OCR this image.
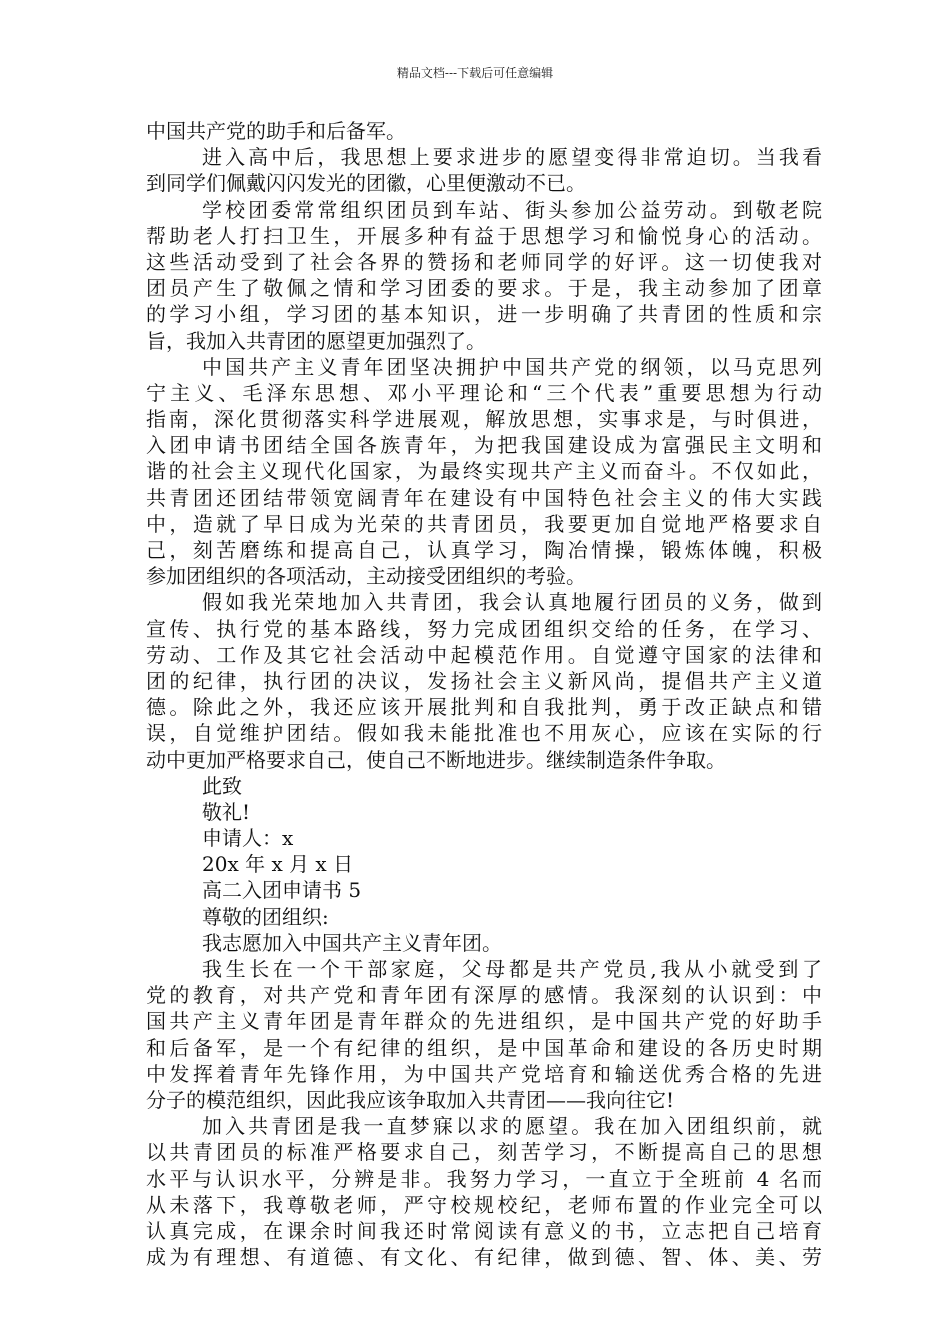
精品文档---下载后可任意编辑
中国共产党的助手和后备军。
进入高中后，我思想上要求进步的愿望变得非常迫切。当我看
到同学们佩戴闪闪发光的团徽，心里便激动不已。
学校团委常常组织团员到车站、街头参加公益劳动。到敬老院
帮助老人打扫卫生，开展多种有益于思想学习和愉悦身心的活动。
这些活动受到了社会各界的赞扬和老师同学的好评。这一切使我对
团员产生了敬佩之情和学习团委的要求。于是，我主动参加了团章
的学习小组，学习团的基本知识，进一步明确了共青团的性质和宗
旨，我加入共青团的愿望更加强烈了。
中国共产主义青年团坚决拥护中国共产党的纲领，以马克思列
宁主义、毛泽东思想、邓小平理论和“三个代表”重要思想为行动
指南，深化贯彻落实科学进展观，解放思想，实事求是，与时俱进，
入团申请书团结全国各族青年，为把我国建设成为富强民主文明和
谐的社会主义现代化国家，为最终实现共产主义而奋斗。不仅如此，
共青团还团结带领宽阔青年在建设有中国特色社会主义的伟大实践
中，造就了早日成为光荣的共青团员，我要更加自觉地严格要求自
己，刻苦磨练和提高自己，认真学习，陶冶情操，锻炼体魄，积极
参加团组织的各项活动，主动接受团组织的考验。
假如我光荣地加入共青团，我会认真地履行团员的义务，做到
宣传、执行党的基本路线，努力完成团组织交给的任务，在学习、
劳动、工作及其它社会活动中起模范作用。自觉遵守国家的法律和
团的纪律，执行团的决议，发扬社会主义新风尚，提倡共产主义道
德。除此之外，我还应该开展批判和自我批判，勇于改正缺点和错
误，自觉维护团结。假如我未能批准也不用灰心，应该在实际的行
动中更加严格要求自己，使自己不断地进步。继续制造条件争取。
此致
敬礼!
申请人：x
20x 年 x 月 x 日
高二入团申请书 5
尊敬的团组织:
我志愿加入中国共产主义青年团。
我生长在一个干部家庭，父母都是共产党员,我从小就受到了
党的教育，对共产党和青年团有深厚的感情。我深刻的认识到：中
国共产主义青年团是青年群众的先进组织，是中国共产党的好助手
和后备军，是一个有纪律的组织，是中国革命和建设的各历史时期
中发挥着青年先锋作用，为中国共产党培育和输送优秀合格的先进
分子的模范组织，因此我应该争取加入共青团——我向往它!
加入共青团是我一直梦寐以求的愿望。我在加入团组织前，就
以共青团员的标准严格要求自己，刻苦学习，不断提高自己的思想
水平与认识水平，分辨是非。我努力学习，一直立于全班前 4 名而
从未落下，我尊敬老师，严守校规校纪，老师布置的作业完全可以
认真完成，在课余时间我还时常阅读有意义的书，立志把自己培育
成为有理想、有道德、有文化、有纪律，做到德、智、体、美、劳
